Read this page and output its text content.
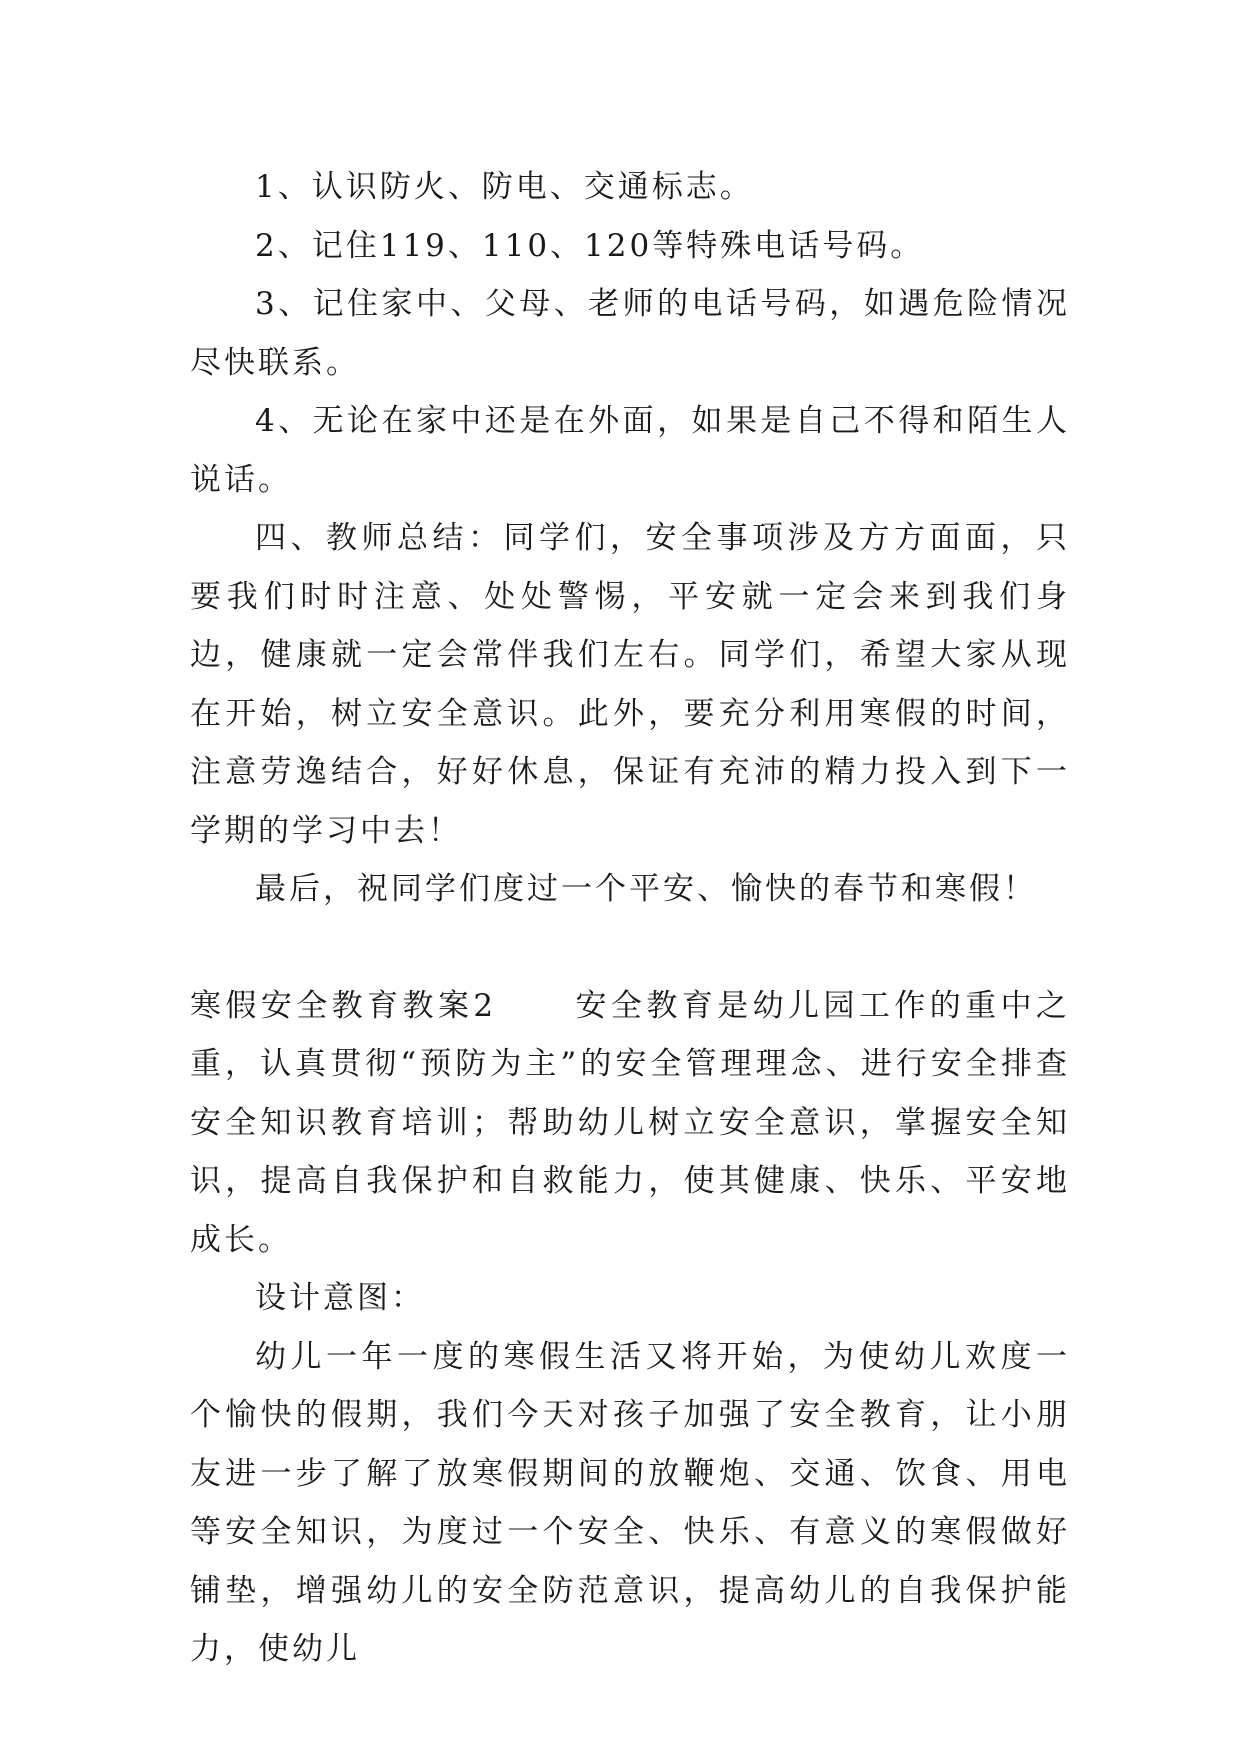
1、认识防火、防电、交通标志。

2、记住119、110、120等特殊电话号码。

3、记住家中、父母、老师的电话号码，如遇危险情况尽快联系。

4、无论在家中还是在外面，如果是自己不得和陌生人说话。

四、教师总结：同学们，安全事项涉及方方面面，只要我们时时注意、处处警惕，平安就一定会来到我们身边，健康就一定会常伴我们左右。同学们，希望大家从现在开始，树立安全意识。此外，要充分利用寒假的时间，注意劳逸结合，好好休息，保证有充沛的精力投入到下一学期的学习中去！

最后，祝同学们度过一个平安、愉快的春节和寒假！

寒假安全教育教案2	安全教育是幼儿园工作的重中之重，认真贯彻“预防为主”的安全管理理念、进行安全排查安全知识教育培训；帮助幼儿树立安全意识，掌握安全知识，提高自我保护和自救能力，使其健康、快乐、平安地成长。

设计意图：

幼儿一年一度的寒假生活又将开始，为使幼儿欢度一个愉快的假期，我们今天对孩子加强了安全教育，让小朋友进一步了解了放寒假期间的放鞭炮、交通、饮食、用电等安全知识，为度过一个安全、快乐、有意义的寒假做好铺垫，增强幼儿的安全防范意识，提高幼儿的自我保护能力，使幼儿
